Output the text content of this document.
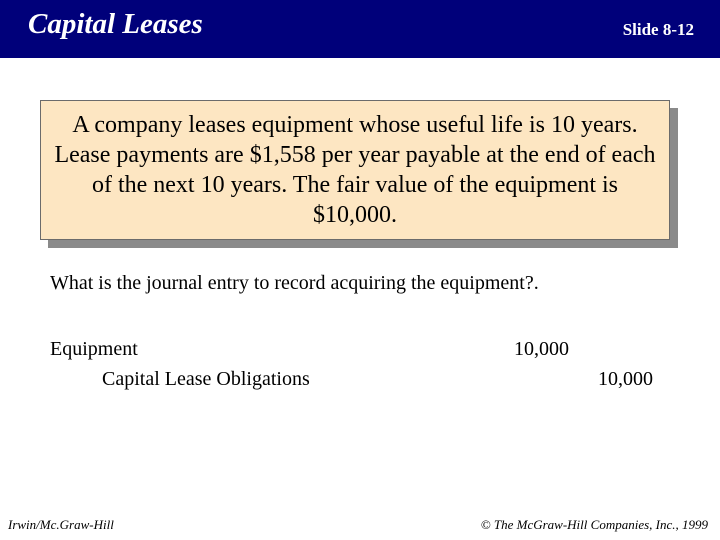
Capital Leases	Slide 8-12
A company leases equipment whose useful life is 10 years. Lease payments are $1,558 per year payable at the end of each of the next 10 years. The fair value of the equipment is $10,000.
What is the journal entry to record acquiring the equipment?.
Equipment	10,000
Capital Lease Obligations	10,000
Irwin/Mc.Graw-Hill	© The McGraw-Hill Companies, Inc., 1999
